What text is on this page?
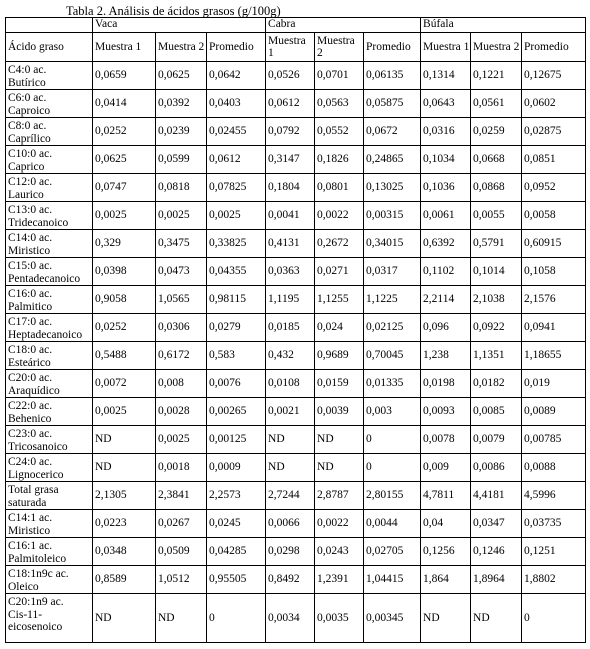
Tabla 2. Análisis de ácidos grasos (g/100g)
	Vaca			Cabra			Búfala		
Ácido graso	Muestra 1	Muestra 2	Promedio	Muestra 1	Muestra 2	Promedio	Muestra 1	Muestra 2	Promedio

C4:0 ac.
Butírico	0,0659	0,0625	0,0642	0,0526	0,0701	0,06135	0,1314	0,1221	0,12675

C6:0 ac.
Caproico	0,0414	0,0392	0,0403	0,0612	0,0563	0,05875	0,0643	0,0561	0,0602

C8:0 ac.
Caprílico	0,0252	0,0239	0,02455	0,0792	0,0552	0,0672	0,0316	0,0259	0,02875

C10:0 ac.
Caprico	0,0625	0,0599	0,0612	0,3147	0,1826	0,24865	0,1034	0,0668	0,0851

C12:0 ac.
Laurico	0,0747	0,0818	0,07825	0,1804	0,0801	0,13025	0,1036	0,0868	0,0952

C13:0 ac.
Tridecanoico	0,0025	0,0025	0,0025	0,0041	0,0022	0,00315	0,0061	0,0055	0,0058

C14:0 ac.
Miristico	0,329	0,3475	0,33825	0,4131	0,2672	0,34015	0,6392	0,5791	0,60915

C15:0 ac.
Pentadecanoico	0,0398	0,0473	0,04355	0,0363	0,0271	0,0317	0,1102	0,1014	0,1058

C16:0 ac.
Palmitico	0,9058	1,0565	0,98115	1,1195	1,1255	1,1225	2,2114	2,1038	2,1576

C17:0 ac.
Heptadecanoico	0,0252	0,0306	0,0279	0,0185	0,024	0,02125	0,096	0,0922	0,0941

C18:0 ac.
Esteárico	0,5488	0,6172	0,583	0,432	0,9689	0,70045	1,238	1,1351	1,18655

C20:0 ac.
Araquídico	0,0072	0,008	0,0076	0,0108	0,0159	0,01335	0,0198	0,0182	0,019

C22:0 ac.
Behenico	0,0025	0,0028	0,00265	0,0021	0,0039	0,003	0,0093	0,0085	0,0089

C23:0 ac.
Tricosanoico	ND	0,0025	0,00125	ND	ND	0	0,0078	0,0079	0,00785

C24:0 ac.
Lignocerico	ND	0,0018	0,0009	ND	ND	0	0,009	0,0086	0,0088

Total grasa
saturada	2,1305	2,3841	2,2573	2,7244	2,8787	2,80155	4,7811	4,4181	4,5996

C14:1 ac.
Miristico	0,0223	0,0267	0,0245	0,0066	0,0022	0,0044	0,04	0,0347	0,03735

C16:1 ac.
Palmitoleico	0,0348	0,0509	0,04285	0,0298	0,0243	0,02705	0,1256	0,1246	0,1251

C18:1n9c ac.
Oleico	0,8589	1,0512	0,95505	0,8492	1,2391	1,04415	1,864	1,8964	1,8802

C20:1n9 ac.
Cis-11-
eicosenoico	ND	ND	0	0,0034	0,0035	0,00345	ND	ND	0
